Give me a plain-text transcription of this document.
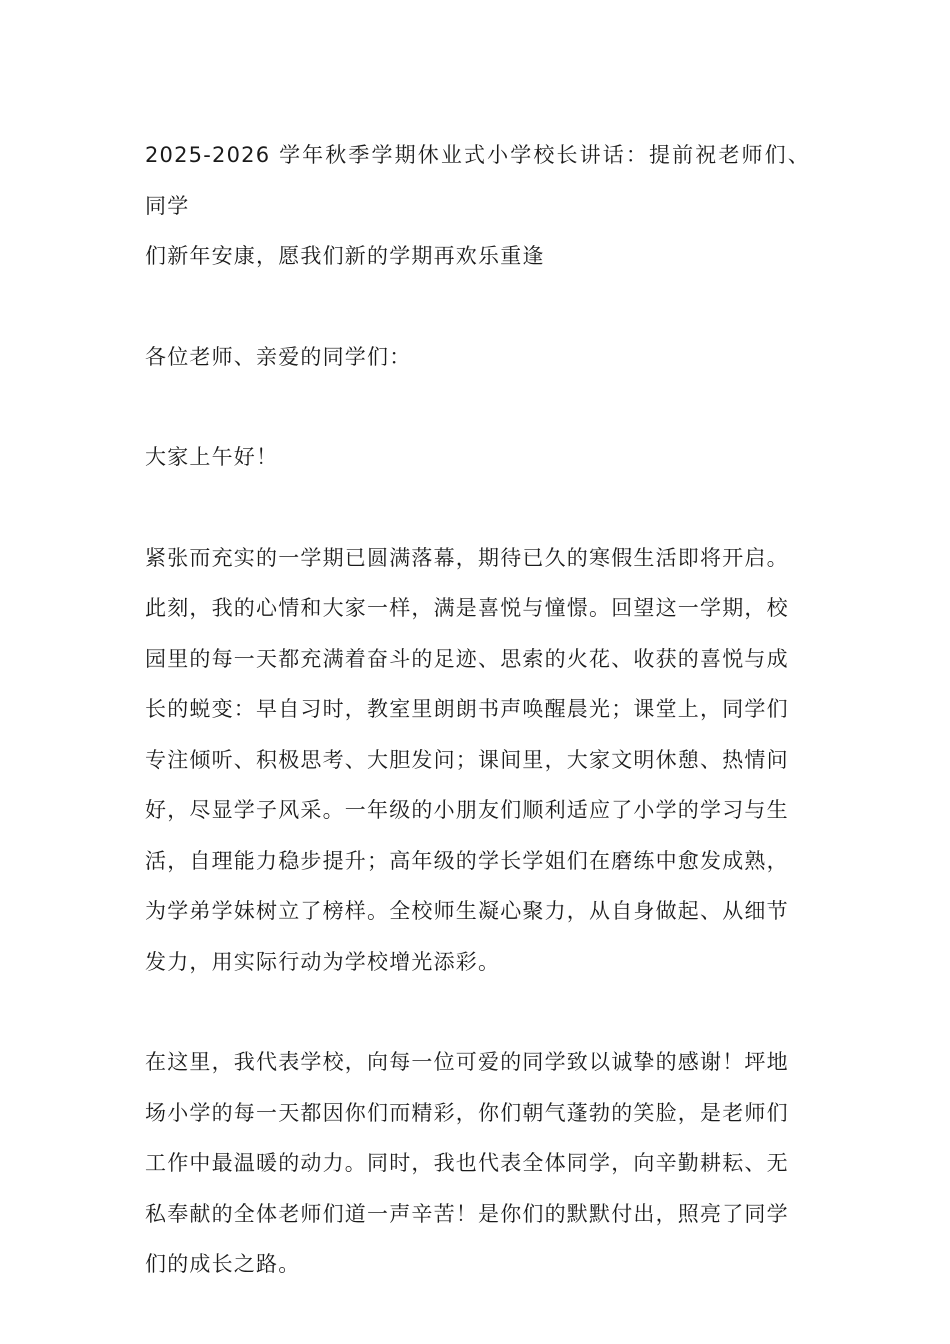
2025-2026 学年秋季学期休业式小学校长讲话：提前祝老师们、同学

们新年安康，愿我们新的学期再欢乐重逢

各位老师、亲爱的同学们：

大家上午好！

紧张而充实的一学期已圆满落幕，期待已久的寒假生活即将开启。

此刻，我的心情和大家一样，满是喜悦与憧憬。回望这一学期，校

园里的每一天都充满着奋斗的足迹、思索的火花、收获的喜悦与成

长的蜕变：早自习时，教室里朗朗书声唤醒晨光；课堂上，同学们

专注倾听、积极思考、大胆发问；课间里，大家文明休憩、热情问

好，尽显学子风采。一年级的小朋友们顺利适应了小学的学习与生

活，自理能力稳步提升；高年级的学长学姐们在磨练中愈发成熟，

为学弟学妹树立了榜样。全校师生凝心聚力，从自身做起、从细节

发力，用实际行动为学校增光添彩。

在这里，我代表学校，向每一位可爱的同学致以诚挚的感谢！坪地

场小学的每一天都因你们而精彩，你们朝气蓬勃的笑脸，是老师们

工作中最温暖的动力。同时，我也代表全体同学，向辛勤耕耘、无

私奉献的全体老师们道一声辛苦！是你们的默默付出，照亮了同学

们的成长之路。
